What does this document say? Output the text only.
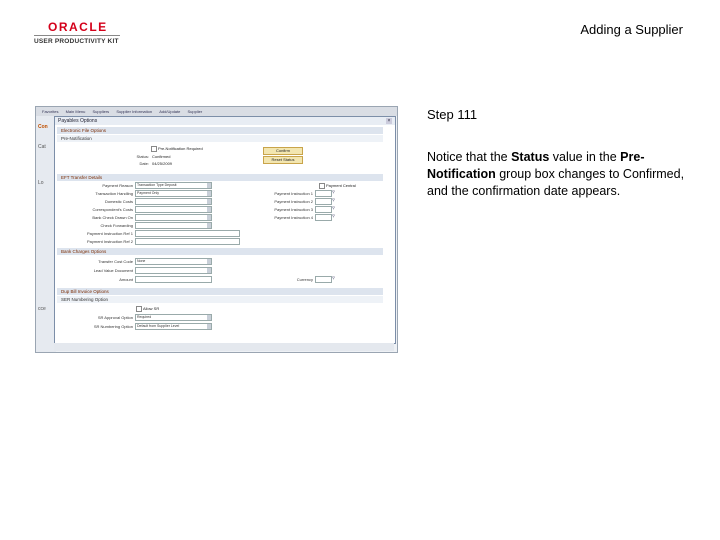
ORACLE
USER PRODUCTIVITY KIT
Adding a Supplier
Step 111
Notice that the Status value in the Pre-Notification group box changes to Confirmed, and the confirmation date appears.
Favorites Main Menu Suppliers Supplier Information Add/Update Supplier
Con
Cat
Lo
cce
Payables Options	×
Electronic File Options
Pre-Notification
Pre-Notification Required
Status: Confirmed
Date: 04/25/2009
Confirm
Reset Status
EFT Transfer Details
Payment Reason	Transaction Type Deposit
Transaction Handling	Payment Only
Domestic Costs
Correspondent's Costs
Bank Check Drawn On
Check Forwarding
Payment Instruction Ref 1
Payment Instruction Ref 2
Payment Central
Payment Instruction 1	⚲
Payment Instruction 2	⚲
Payment Instruction 3	⚲
Payment Instruction 4	⚲
Bank Charges Options
Transfer Cost Code	None
Lead Value Document
Amount	Currency	⚲
Dup Bill Invoice Options
SER Numbering Option
Allow SR
SR Approval Option	Required
SR Numbering Option	Default from Supplier Level
